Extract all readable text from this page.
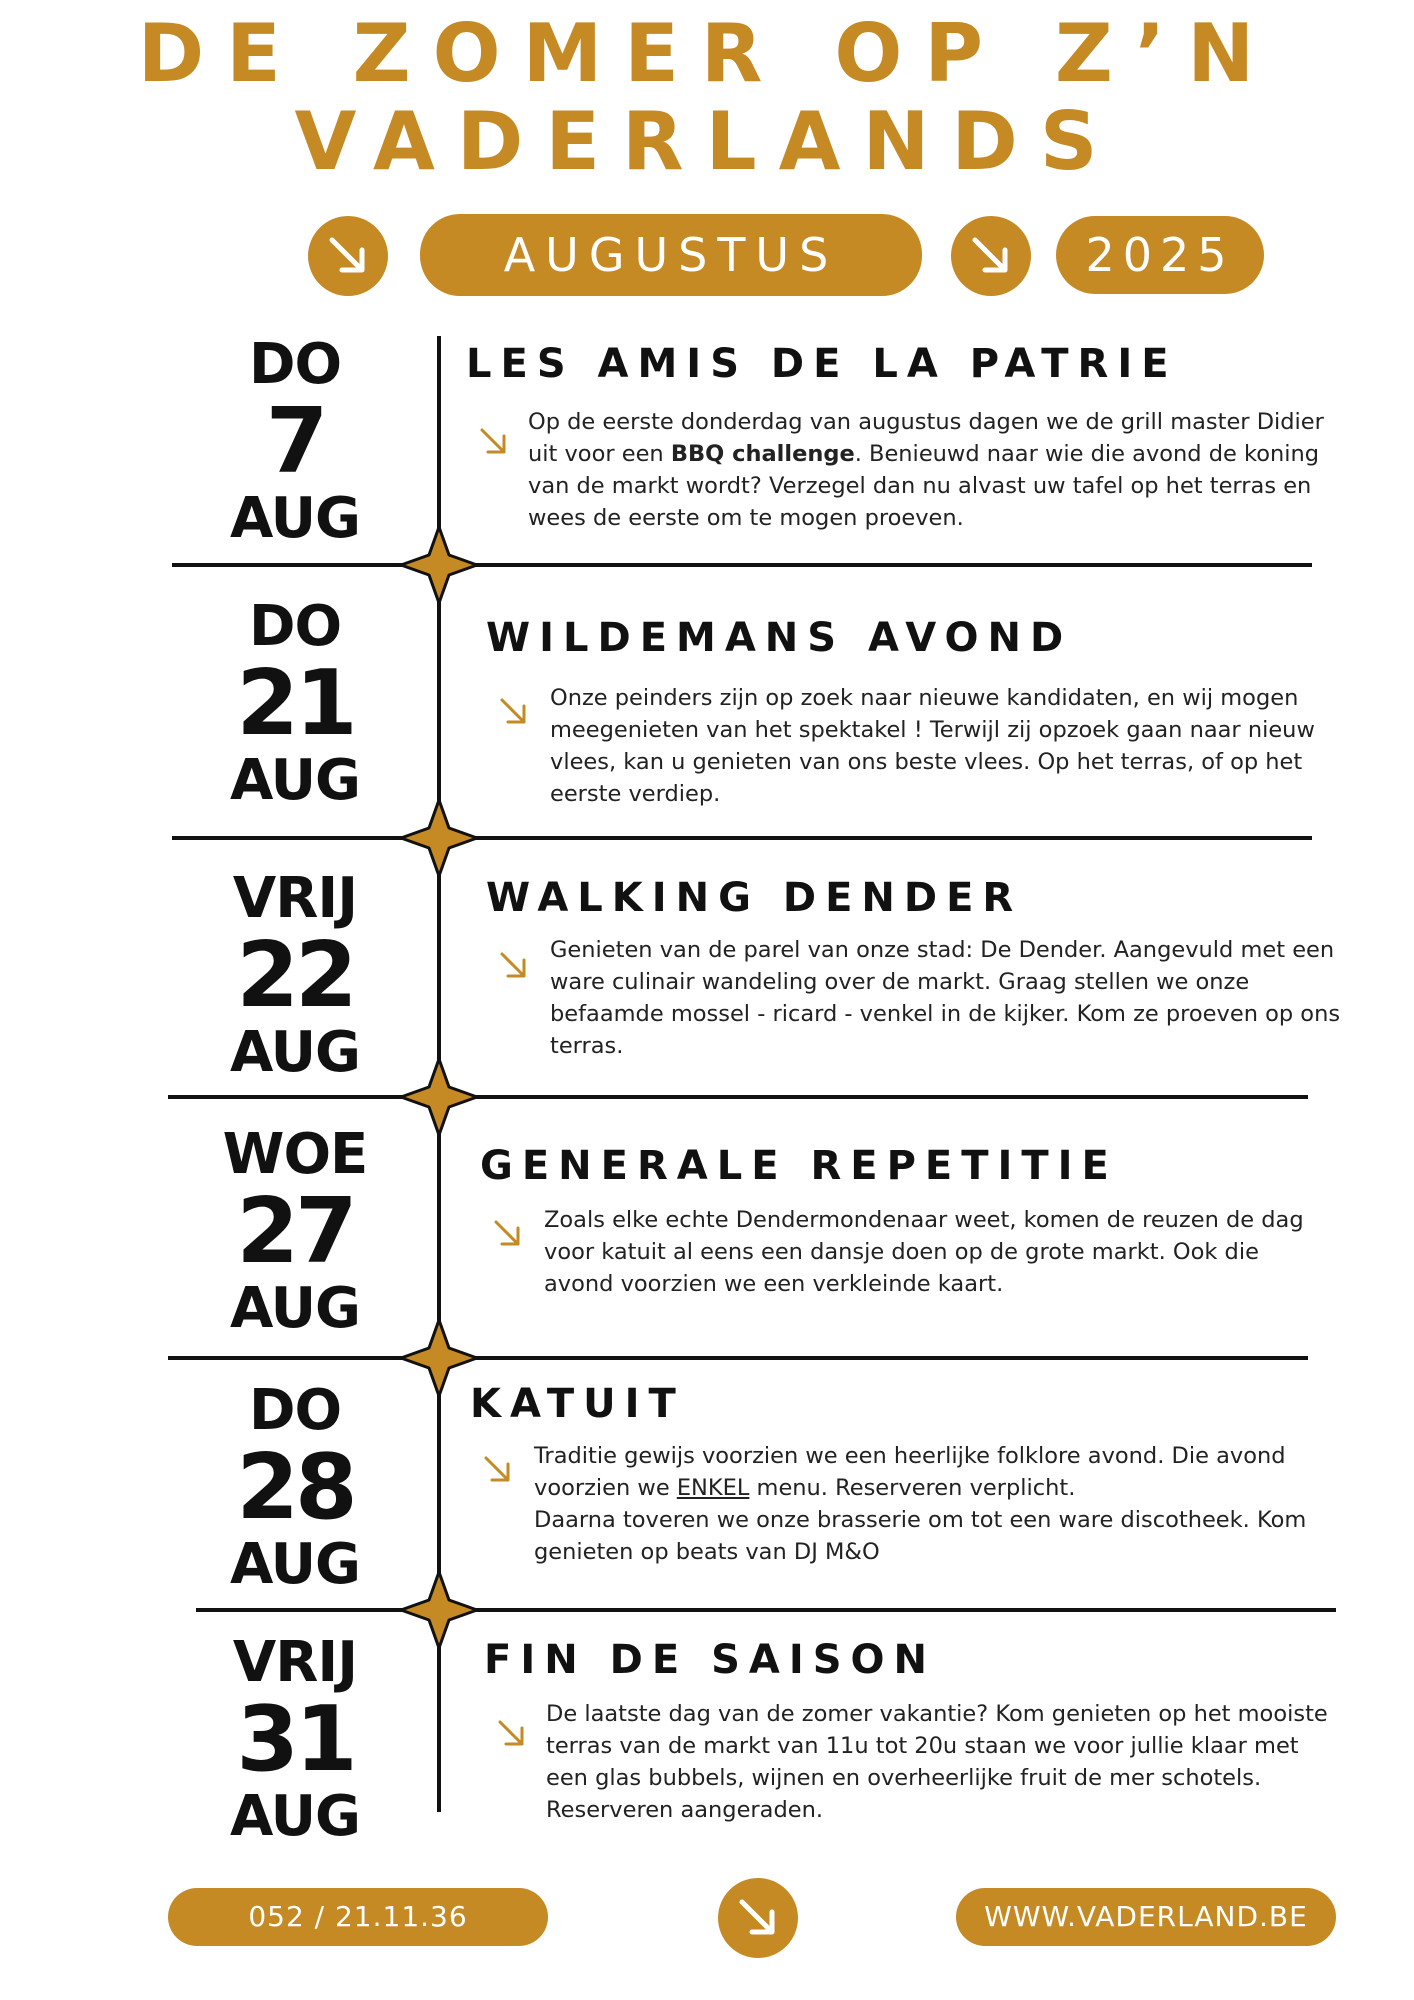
DE ZOMER OP Z’N
VADERLANDS
AUGUSTUS	2025
DO
7
AUG
LES AMIS DE LA PATRIE
Op de eerste donderdag van augustus dagen we de grill master Didier uit voor een BBQ challenge. Benieuwd naar wie die avond de koning van de markt wordt? Verzegel dan nu alvast uw tafel op het terras en wees de eerste om te mogen proeven.
DO
21
AUG
WILDEMANS AVOND
Onze peinders zijn op zoek naar nieuwe kandidaten, en wij mogen meegenieten van het spektakel ! Terwijl zij opzoek gaan naar nieuw vlees, kan u genieten van ons beste vlees. Op het terras, of op het eerste verdiep.
VRIJ
22
AUG
WALKING DENDER
Genieten van de parel van onze stad: De Dender. Aangevuld met een ware culinair wandeling over de markt. Graag stellen we onze befaamde mossel - ricard - venkel in de kijker. Kom ze proeven op ons terras.
WOE
27
AUG
GENERALE REPETITIE
Zoals elke echte Dendermondenaar weet, komen de reuzen de dag voor katuit al eens een dansje doen op de grote markt. Ook die avond voorzien we een verkleinde kaart.
DO
28
AUG
KATUIT
Traditie gewijs voorzien we een heerlijke folklore avond. Die avond voorzien we ENKEL menu. Reserveren verplicht.
Daarna toveren we onze brasserie om tot een ware discotheek. Kom genieten op beats van DJ M&O
VRIJ
31
AUG
FIN DE SAISON
De laatste dag van de zomer vakantie? Kom genieten op het mooiste terras van de markt van 11u tot 20u staan we voor jullie klaar met een glas bubbels, wijnen en overheerlijke fruit de mer schotels. Reserveren aangeraden.
052 / 21.11.36	WWW.VADERLAND.BE
